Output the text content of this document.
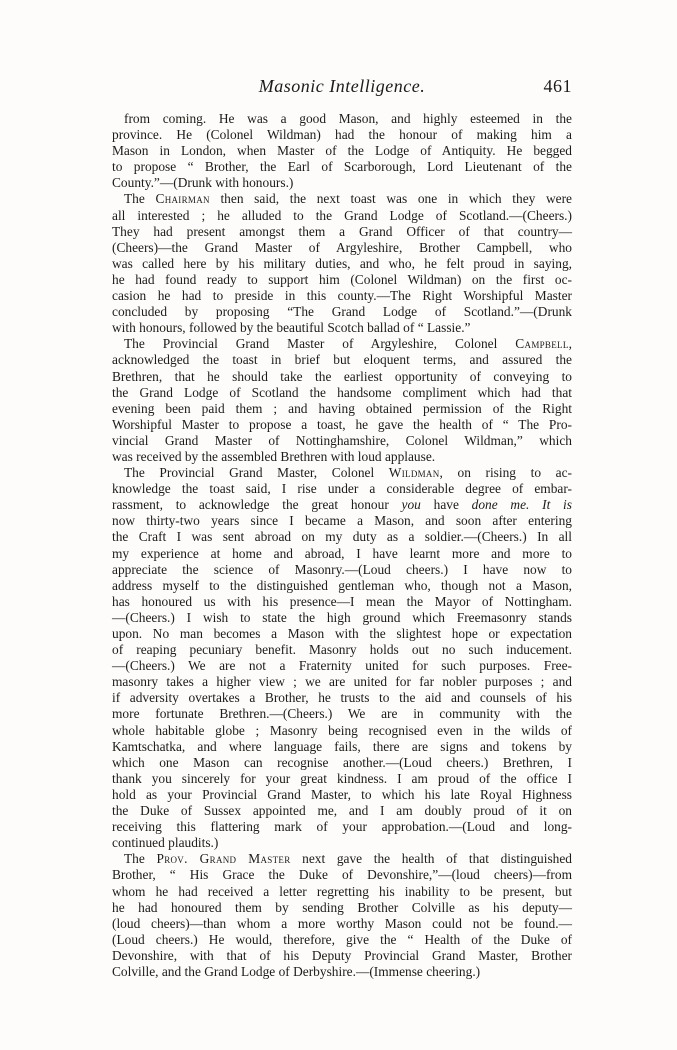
Masonic Intelligence.	461
from coming. He was a good Mason, and highly esteemed in the
province. He (Colonel Wildman) had the honour of making him a
Mason in London, when Master of the Lodge of Antiquity. He begged
to propose “ Brother, the Earl of Scarborough, Lord Lieutenant of the
County.”—(Drunk with honours.)
The Chairman then said, the next toast was one in which they were
all interested ; he alluded to the Grand Lodge of Scotland.—(Cheers.)
They had present amongst them a Grand Officer of that country—
(Cheers)—the Grand Master of Argyleshire, Brother Campbell, who
was called here by his military duties, and who, he felt proud in saying,
he had found ready to support him (Colonel Wildman) on the first oc-
casion he had to preside in this county.—The Right Worshipful Master
concluded by proposing “The Grand Lodge of Scotland.”—(Drunk
with honours, followed by the beautiful Scotch ballad of “ Lassie.”
The Provincial Grand Master of Argyleshire, Colonel Campbell,
acknowledged the toast in brief but eloquent terms, and assured the
Brethren, that he should take the earliest opportunity of conveying to
the Grand Lodge of Scotland the handsome compliment which had that
evening been paid them ; and having obtained permission of the Right
Worshipful Master to propose a toast, he gave the health of “ The Pro-
vincial Grand Master of Nottinghamshire, Colonel Wildman,” which
was received by the assembled Brethren with loud applause.
The Provincial Grand Master, Colonel Wildman, on rising to ac-
knowledge the toast said, I rise under a considerable degree of embar-
rassment, to acknowledge the great honour you have done me. It is
now thirty-two years since I became a Mason, and soon after entering
the Craft I was sent abroad on my duty as a soldier.—(Cheers.) In all
my experience at home and abroad, I have learnt more and more to
appreciate the science of Masonry.—(Loud cheers.) I have now to
address myself to the distinguished gentleman who, though not a Mason,
has honoured us with his presence—I mean the Mayor of Nottingham.
—(Cheers.) I wish to state the high ground which Freemasonry stands
upon. No man becomes a Mason with the slightest hope or expectation
of reaping pecuniary benefit. Masonry holds out no such inducement.
—(Cheers.) We are not a Fraternity united for such purposes. Free-
masonry takes a higher view ; we are united for far nobler purposes ; and
if adversity overtakes a Brother, he trusts to the aid and counsels of his
more fortunate Brethren.—(Cheers.) We are in community with the
whole habitable globe ; Masonry being recognised even in the wilds of
Kamtschatka, and where language fails, there are signs and tokens by
which one Mason can recognise another.—(Loud cheers.) Brethren, I
thank you sincerely for your great kindness. I am proud of the office I
hold as your Provincial Grand Master, to which his late Royal Highness
the Duke of Sussex appointed me, and I am doubly proud of it on
receiving this flattering mark of your approbation.—(Loud and long-
continued plaudits.)
The Prov. Grand Master next gave the health of that distinguished
Brother, “ His Grace the Duke of Devonshire,”—(loud cheers)—from
whom he had received a letter regretting his inability to be present, but
he had honoured them by sending Brother Colville as his deputy—
(loud cheers)—than whom a more worthy Mason could not be found.—
(Loud cheers.) He would, therefore, give the “ Health of the Duke of
Devonshire, with that of his Deputy Provincial Grand Master, Brother
Colville, and the Grand Lodge of Derbyshire.—(Immense cheering.)
